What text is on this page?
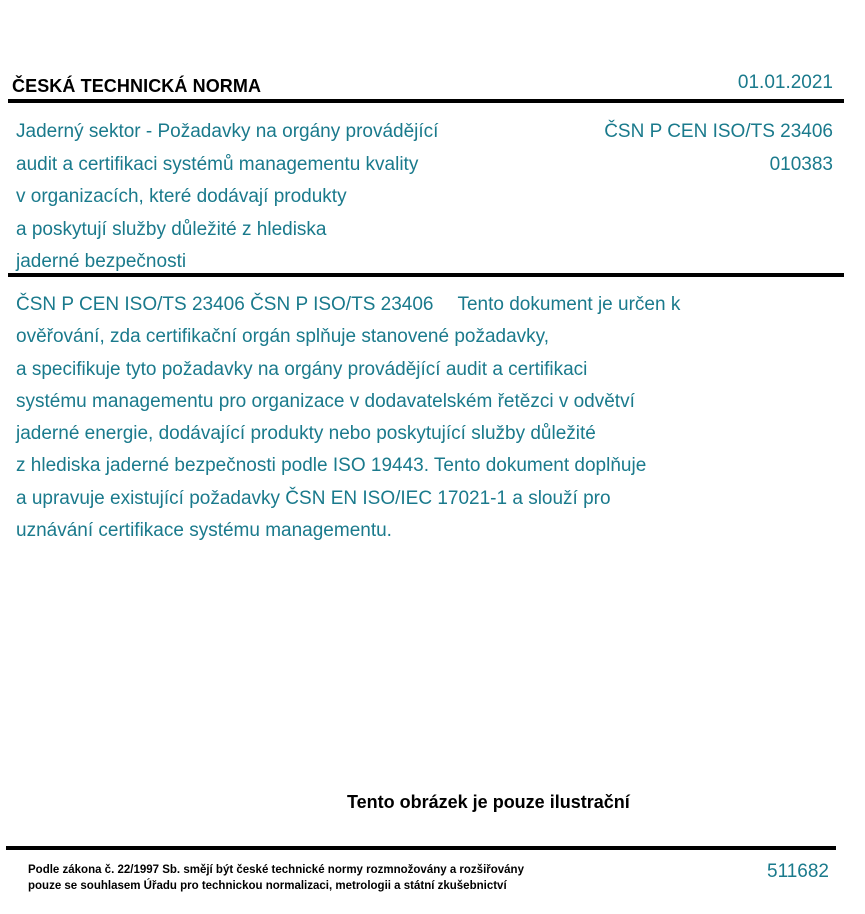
ČESKÁ TECHNICKÁ NORMA	01.01.2021
Jaderný sektor - Požadavky na orgány provádějící
audit a certifikaci systémů managementu kvality
v organizacích, které dodávají produkty
a poskytují služby důležité z hlediska
jaderné bezpečnosti
ČSN P CEN ISO/TS 23406
010383
ČSN P CEN ISO/TS 23406 ČSN P ISO/TS 23406 Tento dokument je určen k
ověřování, zda certifikační orgán splňuje stanovené požadavky,
a specifikuje tyto požadavky na orgány provádějící audit a certifikaci
systému managementu pro organizace v dodavatelském řetězci v odvětví
jaderné energie, dodávající produkty nebo poskytující služby důležité
z hlediska jaderné bezpečnosti podle ISO 19443. Tento dokument doplňuje
a upravuje existující požadavky ČSN EN ISO/IEC 17021-1 a slouží pro
uznávání certifikace systému managementu.
Tento obrázek je pouze ilustrační
Podle zákona č. 22/1997 Sb. smějí být české technické normy rozmnožovány a rozšiřovány
pouze se souhlasem Úřadu pro technickou normalizaci, metrologii a státní zkušebnictví
511682
